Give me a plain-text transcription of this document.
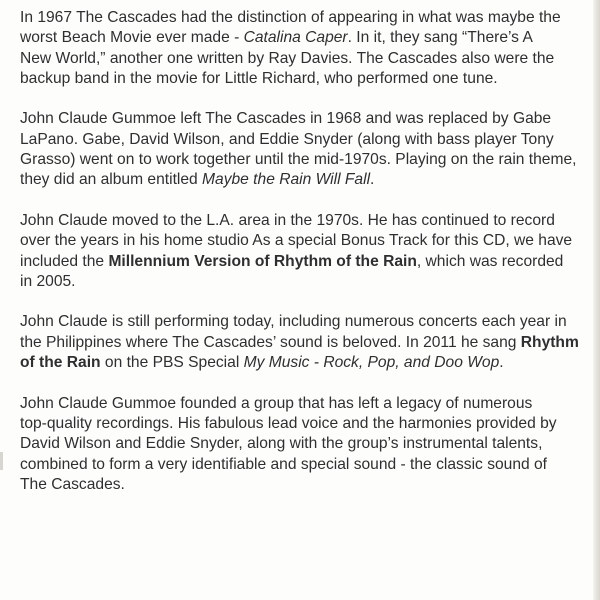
In 1967 The Cascades had the distinction of appearing in what was maybe the
worst Beach Movie ever made - Catalina Caper. In it, they sang “There’s A
New World,” another one written by Ray Davies. The Cascades also were the
backup band in the movie for Little Richard, who performed one tune.

John Claude Gummoe left The Cascades in 1968 and was replaced by Gabe
LaPano. Gabe, David Wilson, and Eddie Snyder (along with bass player Tony
Grasso) went on to work together until the mid-1970s. Playing on the rain theme,
they did an album entitled Maybe the Rain Will Fall.

John Claude moved to the L.A. area in the 1970s. He has continued to record
over the years in his home studio As a special Bonus Track for this CD, we have
included the Millennium Version of Rhythm of the Rain, which was recorded
in 2005.

John Claude is still performing today, including numerous concerts each year in
the Philippines where The Cascades’ sound is beloved. In 2011 he sang Rhythm
of the Rain on the PBS Special My Music - Rock, Pop, and Doo Wop.

John Claude Gummoe founded a group that has left a legacy of numerous
top-quality recordings. His fabulous lead voice and the harmonies provided by
David Wilson and Eddie Snyder, along with the group’s instrumental talents,
combined to form a very identifiable and special sound - the classic sound of
The Cascades.
